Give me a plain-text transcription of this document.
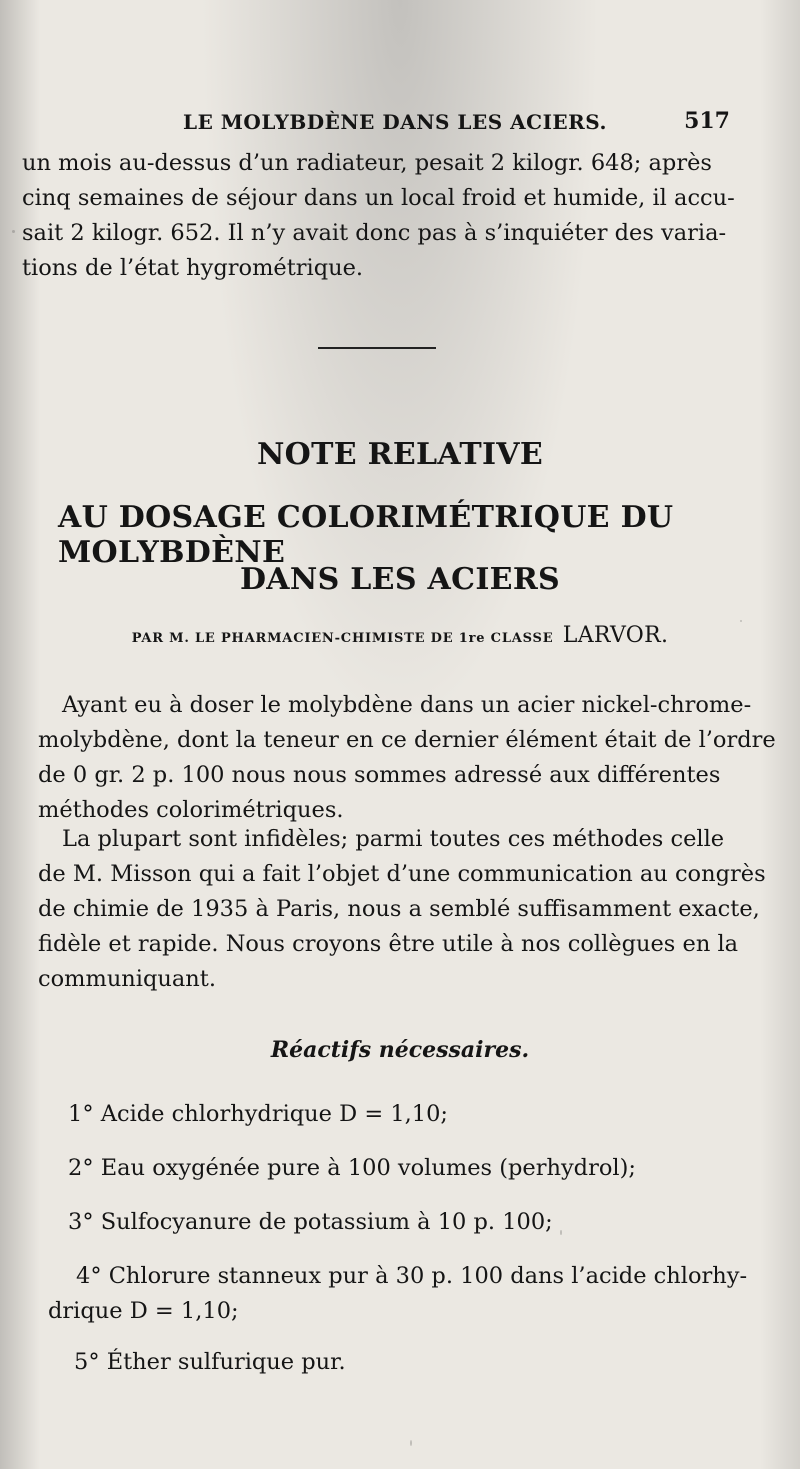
LE MOLYBDÈNE DANS LES ACIERS.	517
un mois au-dessus d’un radiateur, pesait 2 kilogr. 648; après
cinq semaines de séjour dans un local froid et humide, il accu-
sait 2 kilogr. 652. Il n’y avait donc pas à s’inquiéter des varia-
tions de l’état hygrométrique.
NOTE RELATIVE
AU DOSAGE COLORIMÉTRIQUE DU MOLYBDÈNE
DANS LES ACIERS
PAR M. LE PHARMACIEN-CHIMISTE DE 1re CLASSE LARVOR.
Ayant eu à doser le molybdène dans un acier nickel-chrome-
molybdène, dont la teneur en ce dernier élément était de l’ordre
de 0 gr. 2 p. 100 nous nous sommes adressé aux différentes
méthodes colorimétriques.
La plupart sont infidèles; parmi toutes ces méthodes celle
de M. Misson qui a fait l’objet d’une communication au congrès
de chimie de 1935 à Paris, nous a semblé suffisamment exacte,
fidèle et rapide. Nous croyons être utile à nos collègues en la
communiquant.
Réactifs nécessaires.
1° Acide chlorhydrique D = 1,10;
2° Eau oxygénée pure à 100 volumes (perhydrol);
3° Sulfocyanure de potassium à 10 p. 100;
4° Chlorure stanneux pur à 30 p. 100 dans l’acide chlorhy-
drique D = 1,10;
5° Éther sulfurique pur.
